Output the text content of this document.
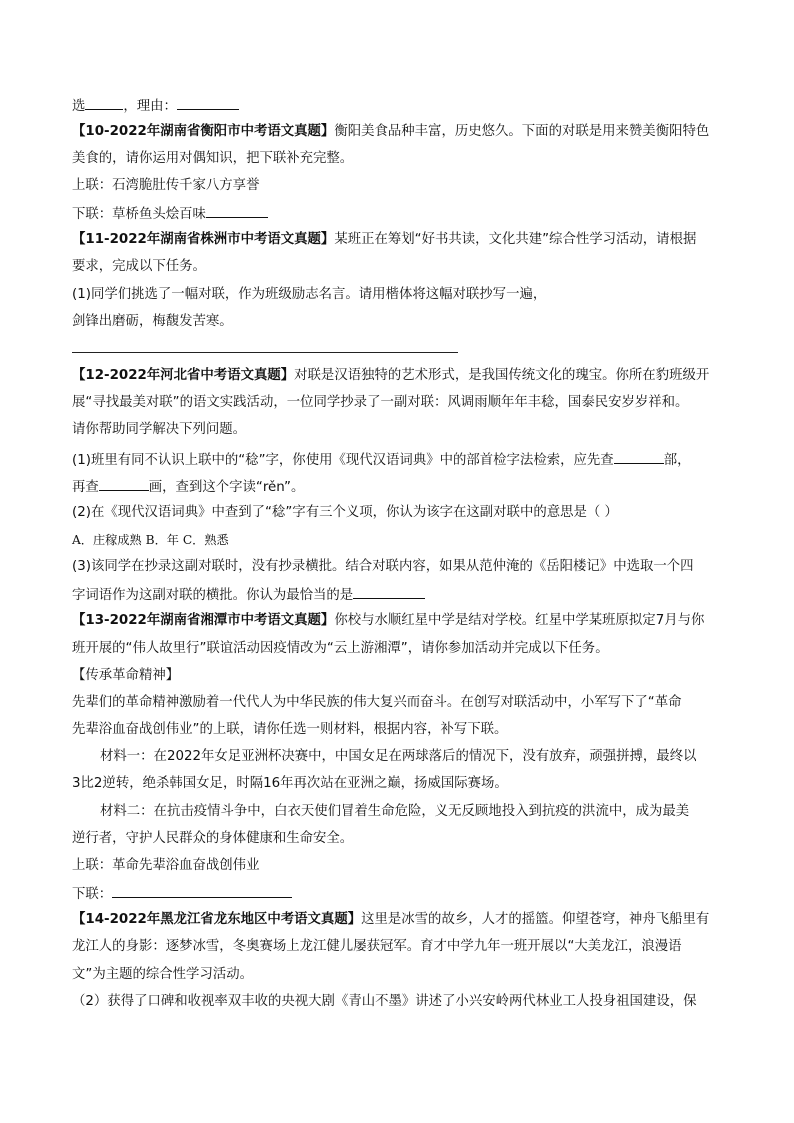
选	，理由：
【10-2022年湖南省衡阳市中考语文真题】衡阳美食品种丰富，历史悠久。下面的对联是用来赞美衡阳特色
美食的，请你运用对偶知识，把下联补充完整。
上联：石湾脆肚传千家八方享誉
下联：草桥鱼头烩百味
【11-2022年湖南省株洲市中考语文真题】某班正在筹划“好书共读，文化共建”综合性学习活动，请根据
要求，完成以下任务。
(1)同学们挑选了一幅对联，作为班级励志名言。请用楷体将这幅对联抄写一遍，
剑锋出磨砺，梅馥发苦寒。
【12-2022年河北省中考语文真题】对联是汉语独特的艺术形式，是我国传统文化的瑰宝。你所在豹班级开
展“寻找最美对联”的语文实践活动，一位同学抄录了一副对联：风调雨顺年年丰稔，国泰民安岁岁祥和。
请你帮助同学解决下列问题。
(1)班里有同不认识上联中的“稔”字，你使用《现代汉语词典》中的部首检字法检索，应先查	部，
再查	画，查到这个字读“rěn”。
(2)在《现代汉语词典》中查到了“稔”字有三个义项，你认为该字在这副对联中的意思是（ ）
A．庄稼成熟 B．年 C．熟悉
(3)该同学在抄录这副对联时，没有抄录横批。结合对联内容，如果从范仲淹的《岳阳楼记》中选取一个四
字词语作为这副对联的横批。你认为最恰当的是
【13-2022年湖南省湘潭市中考语文真题】你校与水顺红星中学是结对学校。红星中学某班原拟定7月与你
班开展的“伟人故里行”联谊活动因疫情改为“云上游湘潭”，请你参加活动并完成以下任务。
【传承革命精神】
先辈们的革命精神激励着一代代人为中华民族的伟大复兴而奋斗。在创写对联活动中，小军写下了“革命
先辈浴血奋战创伟业”的上联，请你任选一则材料，根据内容，补写下联。
材料一：在2022年女足亚洲杯决赛中，中国女足在两球落后的情况下，没有放弃，顽强拼搏，最终以
3比2逆转，绝杀韩国女足，时隔16年再次站在亚洲之巅，扬威国际赛场。
材料二：在抗击疫情斗争中，白衣天使们冒着生命危险，义无反顾地投入到抗疫的洪流中，成为最美
逆行者，守护人民群众的身体健康和生命安全。
上联：革命先辈浴血奋战创伟业
下联：
【14-2022年黑龙江省龙东地区中考语文真题】这里是冰雪的故乡，人才的摇篮。仰望苍穹，神舟飞船里有
龙江人的身影：逐梦冰雪，冬奥赛场上龙江健儿屡获冠军。育才中学九年一班开展以“大美龙江，浪漫语
文”为主题的综合性学习活动。
（2）获得了口碑和收视率双丰收的央视大剧《青山不墨》讲述了小兴安岭两代林业工人投身祖国建设，保
